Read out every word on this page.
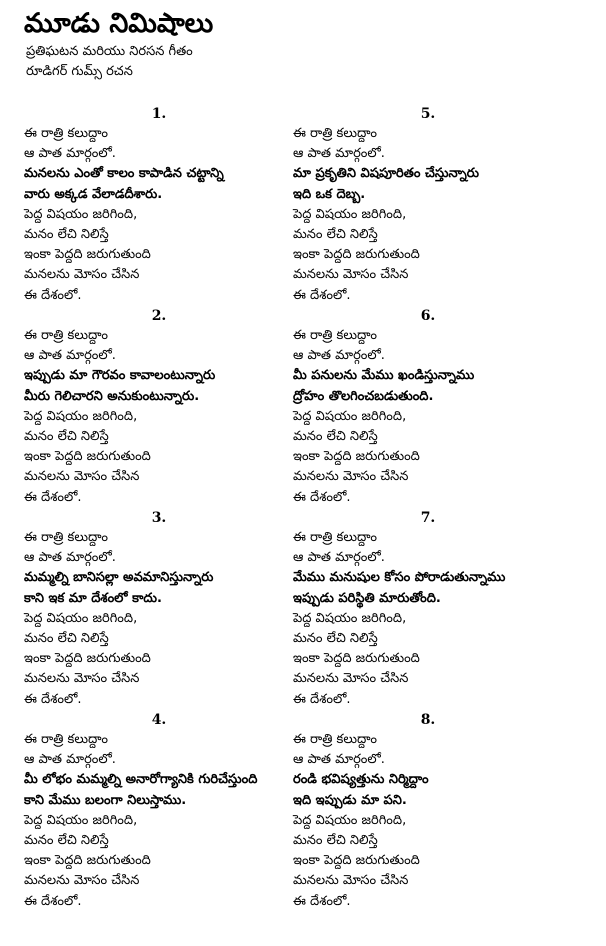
మూడు నిమిషాలు
ప్రతిఘటన మరియు నిరసన గీతం
రూడిగర్ గుమ్స్ రచన
1.
ఈ రాత్రి కలుద్దాం
ఆ పాత మార్గంలో.
మనలను ఎంతో కాలం కాపాడిన చట్టాన్ని
వారు అక్కడ వేలాడదీశారు.
పెద్ద విషయం జరిగింది,
మనం లేచి నిలిస్తే
ఇంకా పెద్దది జరుగుతుంది
మనలను మోసం చేసిన
ఈ దేశంలో.
2.
ఈ రాత్రి కలుద్దాం
ఆ పాత మార్గంలో.
ఇప్పుడు మా గౌరవం కావాలంటున్నారు
మీరు గెలిచారని అనుకుంటున్నారు.
పెద్ద విషయం జరిగింది,
మనం లేచి నిలిస్తే
ఇంకా పెద్దది జరుగుతుంది
మనలను మోసం చేసిన
ఈ దేశంలో.
3.
ఈ రాత్రి కలుద్దాం
ఆ పాత మార్గంలో.
మమ్మల్ని బానిసల్లా అవమానిస్తున్నారు
కాని ఇక మా దేశంలో కాదు.
పెద్ద విషయం జరిగింది,
మనం లేచి నిలిస్తే
ఇంకా పెద్దది జరుగుతుంది
మనలను మోసం చేసిన
ఈ దేశంలో.
4.
ఈ రాత్రి కలుద్దాం
ఆ పాత మార్గంలో.
మీ లోభం మమ్మల్ని అనారోగ్యానికి గురిచేస్తుంది
కాని మేము బలంగా నిలుస్తాము.
పెద్ద విషయం జరిగింది,
మనం లేచి నిలిస్తే
ఇంకా పెద్దది జరుగుతుంది
మనలను మోసం చేసిన
ఈ దేశంలో.
5.
ఈ రాత్రి కలుద్దాం
ఆ పాత మార్గంలో.
మా ప్రకృతిని విషపూరితం చేస్తున్నారు
ఇది ఒక దెబ్బ.
పెద్ద విషయం జరిగింది,
మనం లేచి నిలిస్తే
ఇంకా పెద్దది జరుగుతుంది
మనలను మోసం చేసిన
ఈ దేశంలో.
6.
ఈ రాత్రి కలుద్దాం
ఆ పాత మార్గంలో.
మీ పనులను మేము ఖండిస్తున్నాము
ద్రోహం తొలగించబడుతుంది.
పెద్ద విషయం జరిగింది,
మనం లేచి నిలిస్తే
ఇంకా పెద్దది జరుగుతుంది
మనలను మోసం చేసిన
ఈ దేశంలో.
7.
ఈ రాత్రి కలుద్దాం
ఆ పాత మార్గంలో.
మేము మనుషుల కోసం పోరాడుతున్నాము
ఇప్పుడు పరిస్థితి మారుతోంది.
పెద్ద విషయం జరిగింది,
మనం లేచి నిలిస్తే
ఇంకా పెద్దది జరుగుతుంది
మనలను మోసం చేసిన
ఈ దేశంలో.
8.
ఈ రాత్రి కలుద్దాం
ఆ పాత మార్గంలో.
రండి భవిష్యత్తును నిర్మిద్దాం
ఇది ఇప్పుడు మా పని.
పెద్ద విషయం జరిగింది,
మనం లేచి నిలిస్తే
ఇంకా పెద్దది జరుగుతుంది
మనలను మోసం చేసిన
ఈ దేశంలో.
